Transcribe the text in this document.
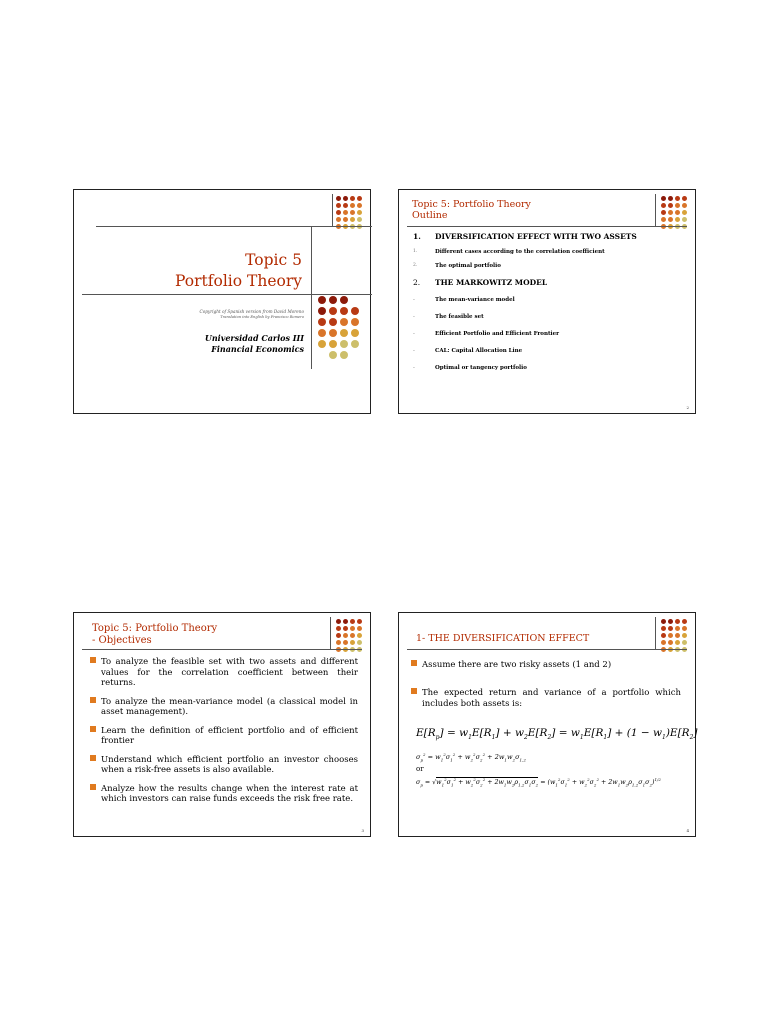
Topic 5
Portfolio Theory
Copyright of Spanish version from David Moreno
Translation into English by Francisco Romero
Universidad Carlos III
Financial Economics
Topic 5: Portfolio Theory
Outline
1.	DIVERSIFICATION EFFECT WITH TWO ASSETS
1.	Different cases according to the correlation coefficient
2.	The optimal portfolio
2.	THE MARKOWITZ MODEL
-	The mean-variance model
-	The feasible set
-	Efficient Portfolio and Efficient Frontier
-	CAL: Capital Allocation Line
-	Optimal or tangency portfolio
2
Topic 5: Portfolio Theory
- Objectives
To analyze the feasible set with two assets and different values for the correlation coefficient between their returns.
To analyze the mean-variance model (a classical model in asset management).
Learn the definition of efficient portfolio and of efficient frontier
Understand which efficient portfolio an investor chooses when a risk-free assets is also available.
Analyze how the results change when the interest rate at which investors can raise funds exceeds the risk free rate.
3
1- THE DIVERSIFICATION EFFECT
Assume there are two risky assets (1 and 2)
The expected return and variance of a portfolio which includes both assets is:
$E[R_p] = w_1E[R_1] + w_2E[R_2] = w_1E[R_1] + (1 - w_1)E[R_2]$
$\sigma_p^2 = w_1^2\sigma_1^2 + w_2^2\sigma_2^2 + 2w_1w_2\sigma_{1,2}$
or
$\sigma_p = √w_1^2\sigma_1^2 + w_2^2\sigma_2^2 + 2w_1w_2\rho_{1,2}\sigma_1\sigma_2 = (w_1^2\sigma_1^2 + w_2^2\sigma_2^2 + 2w_1w_2\rho_{1,2}\sigma_1\sigma_2)^{1/2}$
4
